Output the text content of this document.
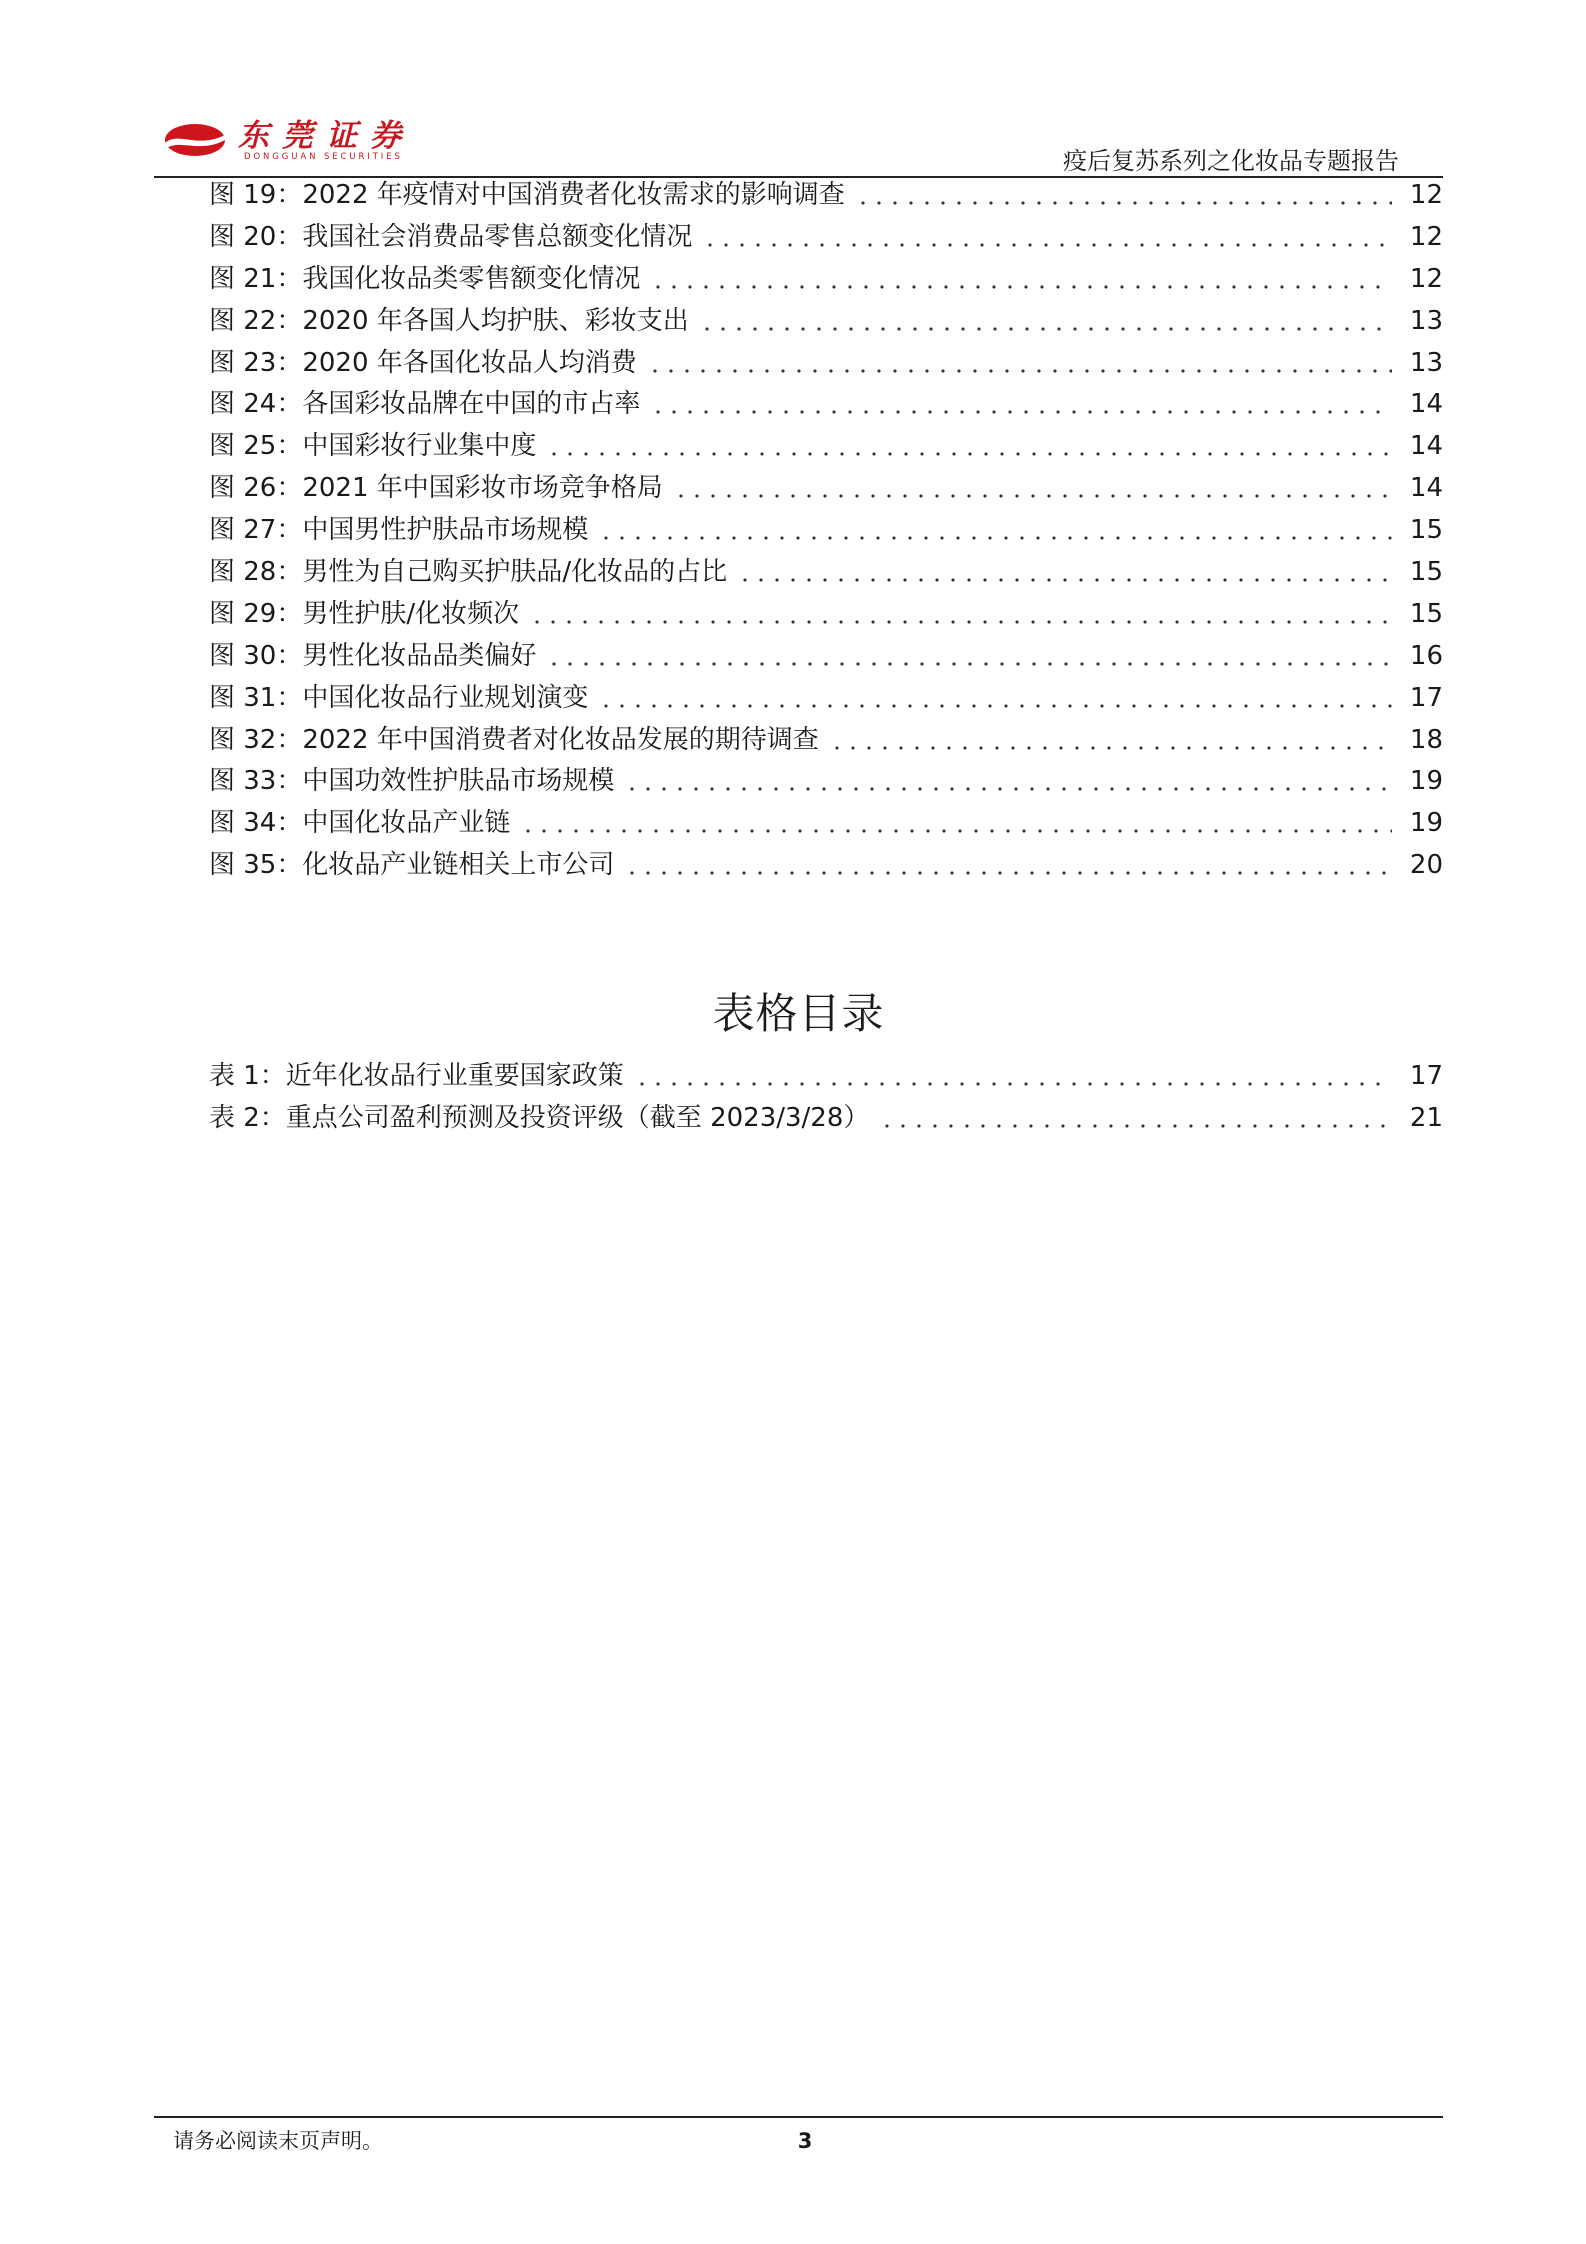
东莞证券
DONGGUAN SECURITIES	疫后复苏系列之化妆品专题报告
图 19：2022 年疫情对中国消费者化妆需求的影响调查	12
图 20：我国社会消费品零售总额变化情况	12
图 21：我国化妆品类零售额变化情况	12
图 22：2020 年各国人均护肤、彩妆支出	13
图 23：2020 年各国化妆品人均消费	13
图 24：各国彩妆品牌在中国的市占率	14
图 25：中国彩妆行业集中度	14
图 26：2021 年中国彩妆市场竞争格局	14
图 27：中国男性护肤品市场规模	15
图 28：男性为自己购买护肤品/化妆品的占比	15
图 29：男性护肤/化妆频次	15
图 30：男性化妆品品类偏好	16
图 31：中国化妆品行业规划演变	17
图 32：2022 年中国消费者对化妆品发展的期待调查	18
图 33：中国功效性护肤品市场规模	19
图 34：中国化妆品产业链	19
图 35：化妆品产业链相关上市公司	20
表格目录
表 1：近年化妆品行业重要国家政策	17
表 2：重点公司盈利预测及投资评级（截至 2023/3/28）	21
请务必阅读末页声明。	3
